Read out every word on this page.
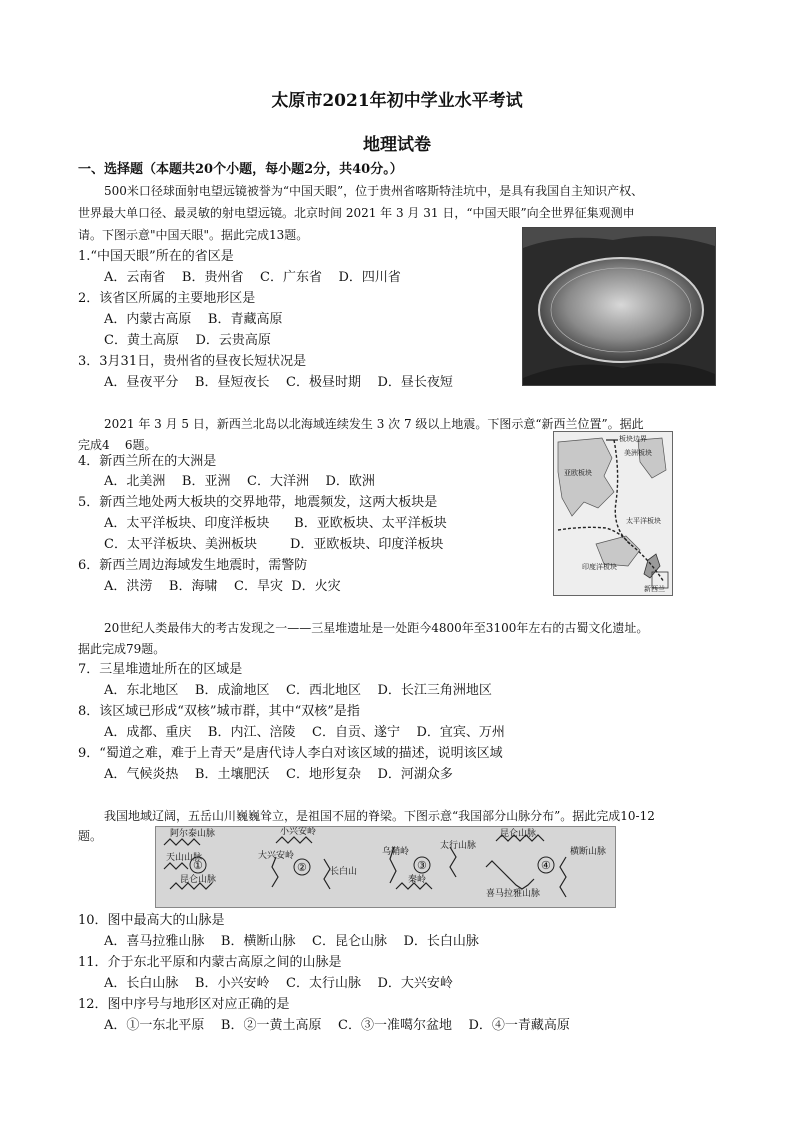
太原市2021年初中学业水平考试
地理试卷
一、选择题（本题共20个小题，每小题2分，共40分。）
500米口径球面射电望远镜被誉为“中国天眼”，位于贵州省喀斯特洼坑中，是具有我国自主知识产权、
世界最大单口径、最灵敏的射电望远镜。北京时间 2021 年 3 月 31 日，“中国天眼”向全世界征集观测申
请。下图示意"中国天眼"。据此完成13题。
1.“中国天眼”所在的省区是
A．云南省    B．贵州省    C．广东省    D．四川省
2．该省区所属的主要地形区是
A．内蒙古高原    B．青藏高原
C．黄土高原    D．云贵高原
3．3月31日，贵州省的昼夜长短状况是
A．昼夜平分    B．昼短夜长    C．极昼时期    D．昼长夜短
2021 年 3 月 5 日，新西兰北岛以北海域连续发生 3 次 7 级以上地震。下图示意“新西兰位置”。据此
完成4    6题。	板块边界
美洲板块
亚欧板块
太平洋板块
印度洋板块
新西兰
4．新西兰所在的大洲是
A．北美洲    B．亚洲    C．大洋洲    D．欧洲
5．新西兰地处两大板块的交界地带，地震频发，这两大板块是
A．太平洋板块、印度洋板块      B．亚欧板块、太平洋板块
C．太平洋板块、美洲板块        D．亚欧板块、印度洋板块
6．新西兰周边海域发生地震时，需警防
A．洪涝    B．海啸    C．旱灾  D．火灾
20世纪人类最伟大的考古发现之一——三星堆遗址是一处距今4800年至3100年左右的古蜀文化遗址。
据此完成79题。
7．三星堆遗址所在的区域是
A．东北地区    B．成渝地区    C．西北地区    D．长江三角洲地区
8．该区域已形成“双核”城市群，其中“双核”是指
A．成都、重庆    B．内江、涪陵    C．自贡、遂宁    D．宜宾、万州
9．“蜀道之难，难于上青天”是唐代诗人李白对该区域的描述，说明该区域
A．气候炎热    B．土壤肥沃    C．地形复杂    D．河湖众多
我国地域辽阔，五岳山川巍巍耸立，是祖国不屈的脊梁。下图示意“我国部分山脉分布”。据此完成10-12
题。	阿尔泰山脉
天山山脉
昆仑山脉
①
小兴安岭
大兴安岭
长白山
②
乌鞘岭
太行山脉
秦岭
③
昆仑山脉
喜马拉雅山脉
横断山脉
④
10．图中最高大的山脉是
A．喜马拉雅山脉    B．横断山脉    C．昆仑山脉    D．长白山脉
11．介于东北平原和内蒙古高原之间的山脉是
A．长白山脉    B．小兴安岭    C．太行山脉    D．大兴安岭
12．图中序号与地形区对应正确的是
A．①一东北平原    B．②一黄土高原    C．③一准噶尔盆地    D．④一青藏高原
